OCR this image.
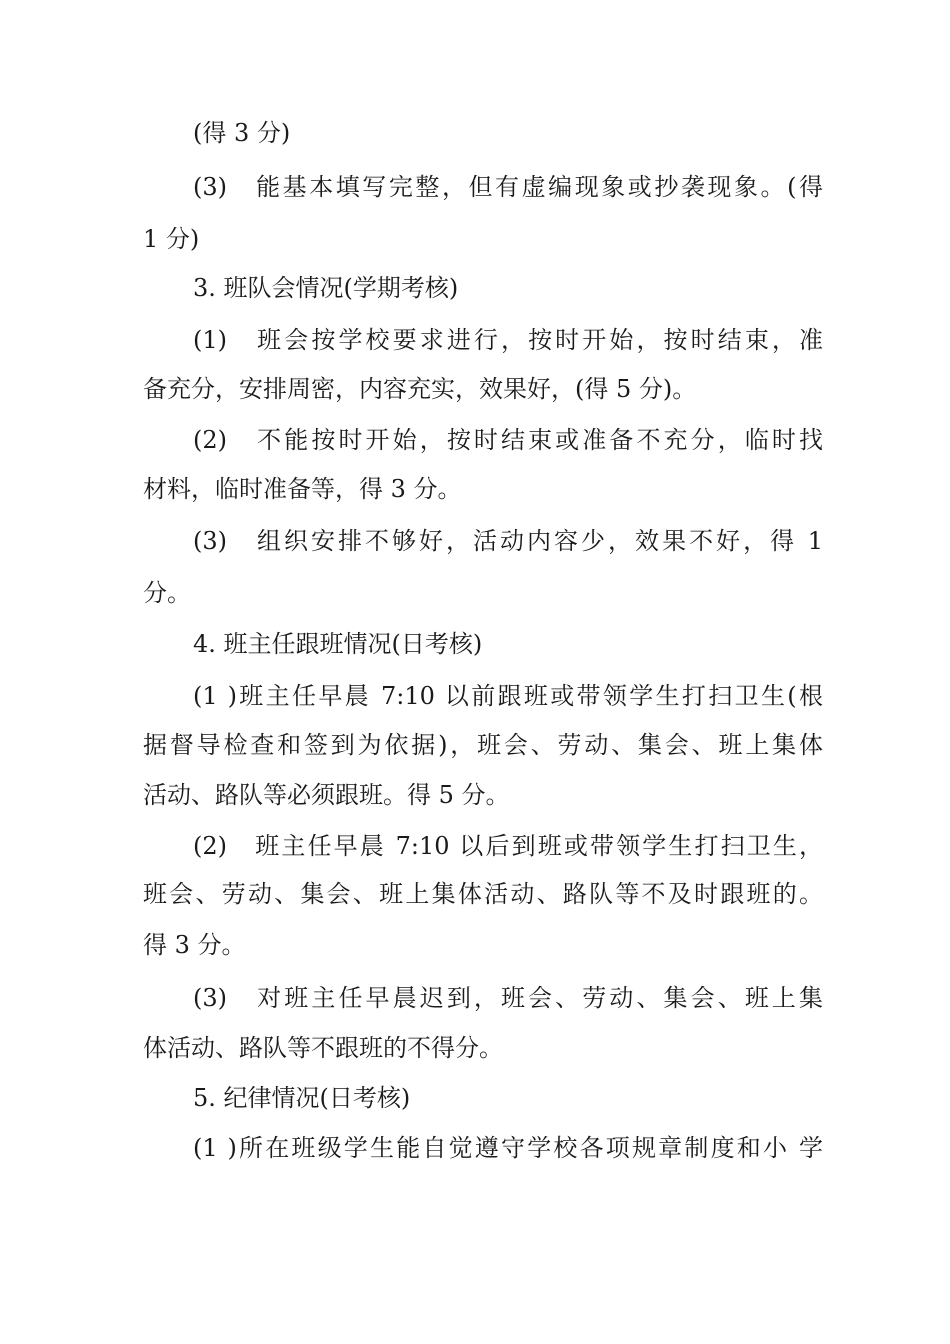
(得 3 分)
(3)　能基本填写完整，但有虚编现象或抄袭现象。(得
1 分)
3. 班队会情况(学期考核)
(1)　班会按学校要求进行，按时开始，按时结束，准
备充分，安排周密，内容充实，效果好，(得 5 分)。
(2)　不能按时开始，按时结束或准备不充分，临时找
材料，临时准备等，得 3 分。
(3)　组织安排不够好，活动内容少，效果不好，得 1
分。
4. 班主任跟班情况(日考核)
(1 )班主任早晨 7:10 以前跟班或带领学生打扫卫生(根
据督导检查和签到为依据)，班会、劳动、集会、班上集体
活动、路队等必须跟班。得 5 分。
(2)　班主任早晨 7:10 以后到班或带领学生打扫卫生，
班会、劳动、集会、班上集体活动、路队等不及时跟班的。
得 3 分。
(3)　对班主任早晨迟到，班会、劳动、集会、班上集
体活动、路队等不跟班的不得分。
5. 纪律情况(日考核)
(1 )所在班级学生能自觉遵守学校各项规章制度和小 学
